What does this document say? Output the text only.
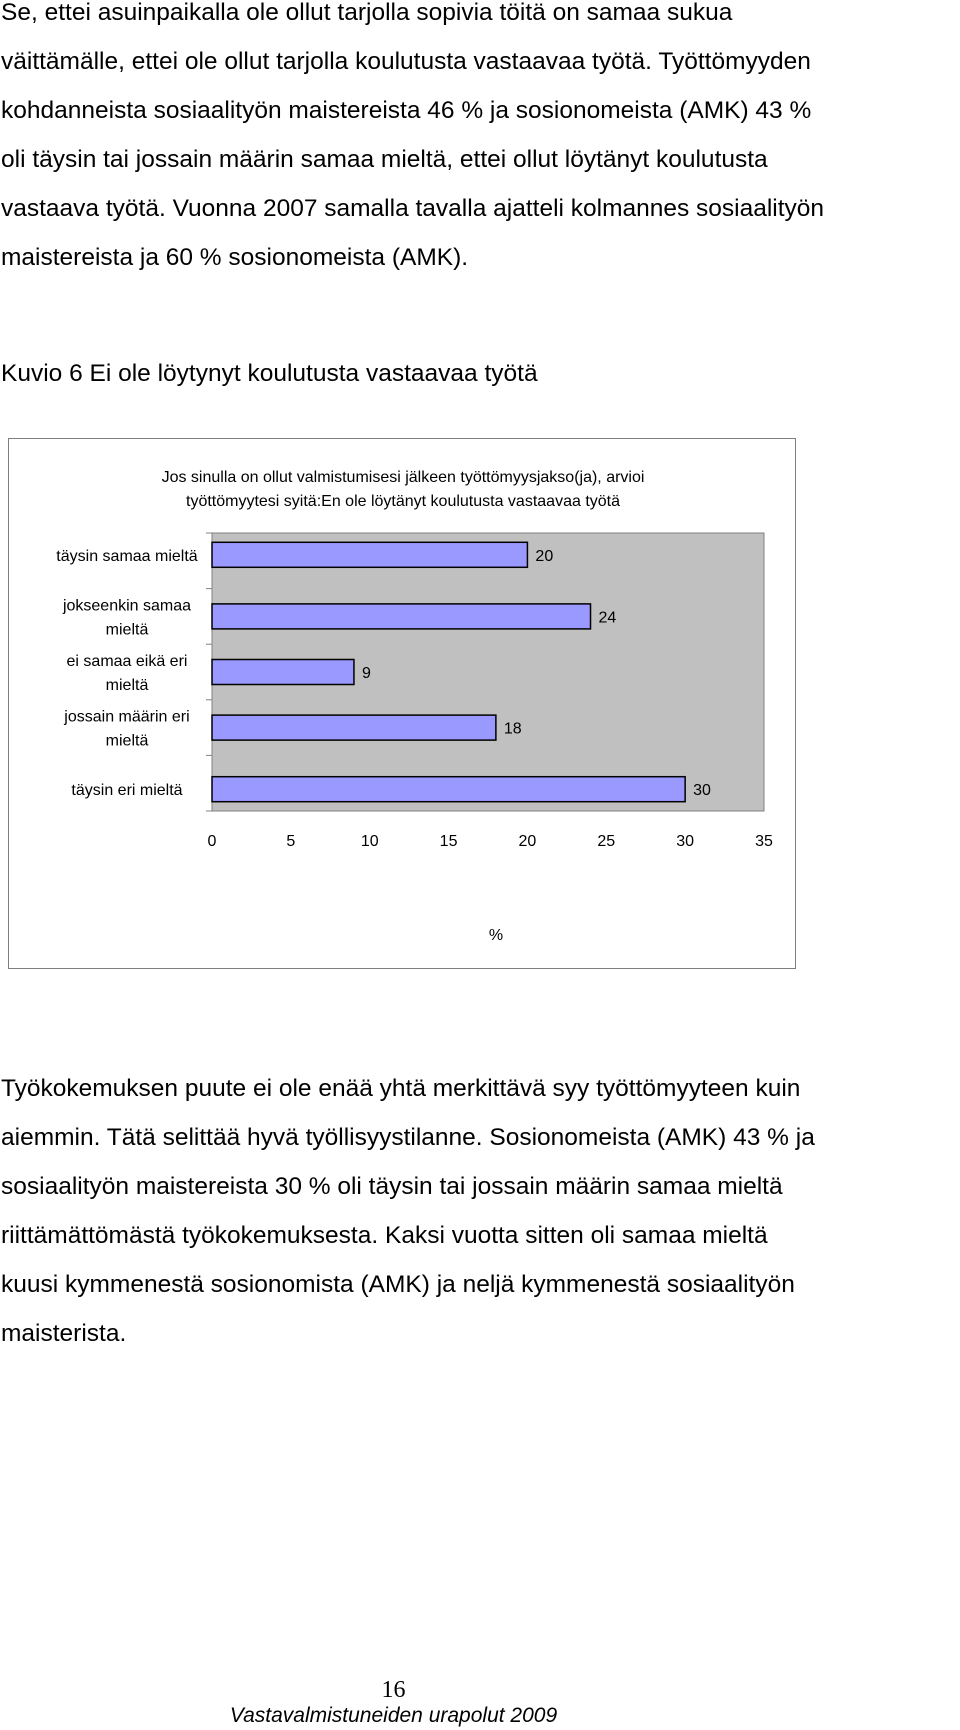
Se, ettei asuinpaikalla ole ollut tarjolla sopivia töitä on samaa sukua
väittämälle, ettei ole ollut tarjolla koulutusta vastaavaa työtä. Työttömyyden
kohdanneista sosiaalityön maistereista 46 % ja sosionomeista (AMK) 43 %
oli täysin tai jossain määrin samaa mieltä, ettei ollut löytänyt koulutusta
vastaava työtä. Vuonna 2007 samalla tavalla ajatteli kolmannes sosiaalityön
maistereista ja 60 % sosionomeista (AMK).
Kuvio 6 Ei ole löytynyt koulutusta vastaavaa työtä
Jos sinulla on ollut valmistumisesi jälkeen työttömyysjakso(ja), arvioi
työttömyytesi syitä:En ole löytänyt koulutusta vastaavaa työtä
20
täysin samaa mieltä
24
jokseenkin samaa
mieltä
9
ei samaa eikä eri
mieltä
18
jossain määrin eri
mieltä
30
täysin eri mieltä
0	5	10	15	20	25	30	35
%
Työkokemuksen puute ei ole enää yhtä merkittävä syy työttömyyteen kuin
aiemmin. Tätä selittää hyvä työllisyystilanne. Sosionomeista (AMK) 43 % ja
sosiaalityön maistereista 30 % oli täysin tai jossain määrin samaa mieltä
riittämättömästä työkokemuksesta. Kaksi vuotta sitten oli samaa mieltä
kuusi kymmenestä sosionomista (AMK) ja neljä kymmenestä sosiaalityön
maisterista.
16
Vastavalmistuneiden urapolut 2009
